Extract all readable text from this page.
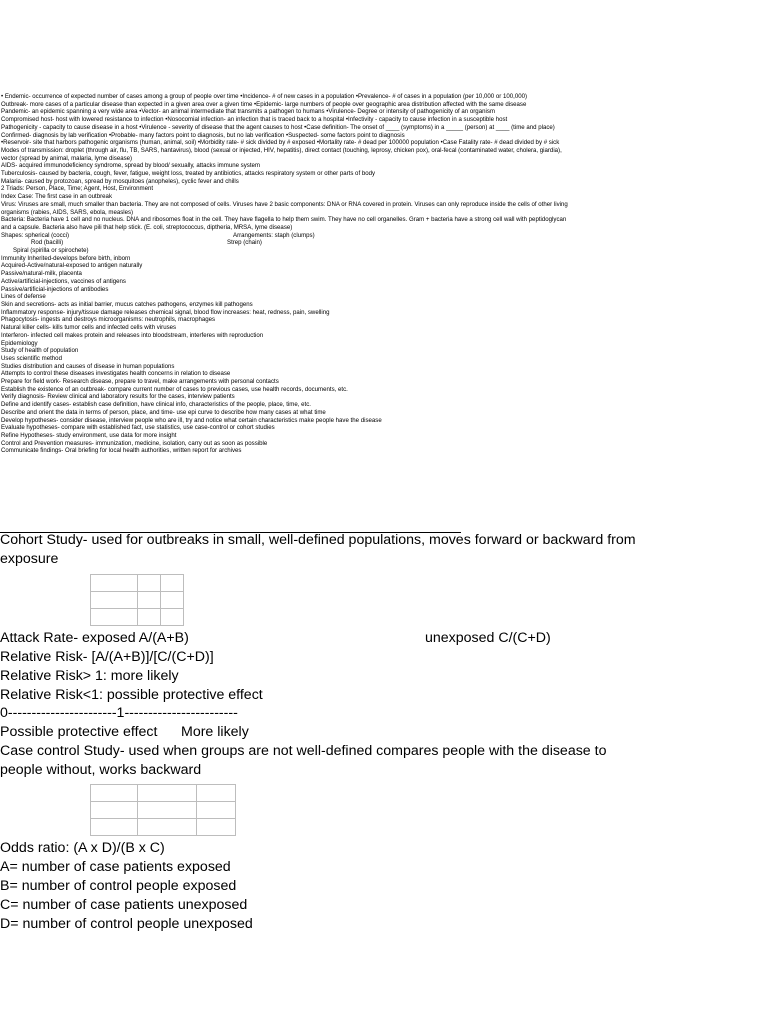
• Endemic- occurrence of expected number of cases among a group of people over time •Incidence- # of new cases in a population •Prevalence- # of cases in a population (per 10,000 or 100,000)
Outbreak- more cases of a particular disease than expected in a given area over a given time •Epidemic- large numbers of people over geographic area distribution affected with the same disease
Pandemic- an epidemic spanning a very wide area •Vector- an animal intermediate that transmits a pathogen to humans •Virulence- Degree or intensity of pathogenicity of an organism
Compromised host- host with lowered resistance to infection •Nosocomial infection- an infection that is traced back to a hospital •Infectivity - capacity to cause infection in a susceptible host
Pathogenicity - capacity to cause disease in a host •Virulence - severity of disease that the agent causes to host •Case definition- The onset of ____ (symptoms) in a _____ (person) at ____ (time and place)
Confirmed- diagnosis by lab verification •Probable- many factors point to diagnosis, but no lab verification •Suspected- some factors point to diagnosis
•Reservoir- site that harbors pathogenic organisms (human, animal, soil) •Morbidity rate- # sick divided by # exposed •Mortality rate- # dead per 100000 population •Case Fatality rate- # dead divided by # sick
Modes of transmission: droplet (through air, flu, TB, SARS, hantavirus), blood (sexual or injected, HIV, hepatitis), direct contact (touching, leprosy, chicken pox), oral-fecal (contaminated water, cholera, giardia),
vector (spread by animal, malaria, lyme disease)
AIDS- acquired immunodeficiency syndrome, spread by blood/ sexually, attacks immune system
Tuberculosis- caused by bacteria, cough, fever, fatigue, weight loss, treated by antibiotics, attacks respiratory system or other parts of body
Malaria- caused by protozoan, spread by mosquitoes (anopheles), cyclic fever and chills
2 Triads: Person, Place, Time; Agent, Host, Environment
Index Case: The first case in an outbreak
Virus: Viruses are small, much smaller than bacteria. They are not composed of cells. Viruses have 2 basic components: DNA or RNA covered in protein. Viruses can only reproduce inside the cells of other living
organisms (rabies, AIDS, SARS, ebola, measles)
Bacteria: Bacteria have 1 cell and no nucleus. DNA and ribosomes float in the cell. They have flagella to help them swim. They have no cell organelles. Gram + bacteria have a strong cell wall with peptidoglycan
and a capsule. Bacteria also have pili that help stick. (E. coli, streptococcus, diptheria, MRSA, lyme disease)
Shapes: spherical (cocci)	Arrangements: staph (clumps)
Rod (bacilli)	Strep (chain)
Spiral (spirilla or spirochete)
Immunity Inherited-develops before birth, inborn
Acquired-Active/natural-exposed to antigen naturally
Passive/natural-milk, placenta
Active/artificial-injections, vaccines of antigens
Passive/artificial-injections of antibodies
Lines of defense
Skin and secretions- acts as initial barrier, mucus catches pathogens, enzymes kill pathogens
Inflammatory response- injury/tissue damage releases chemical signal, blood flow increases: heat, redness, pain, swelling
Phagocytosis- ingests and destroys microorganisms: neutrophils, macrophages
Natural killer cells- kills tumor cells and infected cells with viruses
Interferon- infected cell makes protein and releases into bloodstream, interferes with reproduction
Epidemiology
Study of health of population
Uses scientific method
Studies distribution and causes of disease in human populations
Attempts to control these diseases investigates health concerns in relation to disease
Prepare for field work- Research disease, prepare to travel, make arrangements with personal contacts
Establish the existence of an outbreak- compare current number of cases to previous cases, use health records, documents, etc.
Verify diagnosis- Review clinical and laboratory results for the cases, interview patients
Define and identify cases- establish case definition, have clinical info, characteristics of the people, place, time, etc.
Describe and orient the data in terms of person, place, and time- use epi curve to describe how many cases at what time
Develop hypotheses- consider disease, interview people who are ill, try and notice what certain characteristics make people have the disease
Evaluate hypotheses- compare with established fact, use statistics, use case-control or cohort studies
Refine Hypotheses- study environment, use data for more insight
Control and Prevention measures- immunization, medicine, isolation, carry out as soon as possible
Communicate findings- Oral briefing for local health authorities, written report for archives
Cohort Study- used for outbreaks in small, well-defined populations, moves forward or backward from exposure

Attack Rate- exposed A/(A+B)	unexposed C/(C+D)
Relative Risk- [A/(A+B)]/[C/(C+D)]
Relative Risk> 1: more likely
Relative Risk<1: possible protective effect
0-----------------------1------------------------
Possible protective effect More likely
Case control Study- used when groups are not well-defined compares people with the disease to people without, works backward

Odds ratio: (A x D)/(B x C)
A= number of case patients exposed
B= number of control people exposed
C= number of case patients unexposed
D= number of control people unexposed
